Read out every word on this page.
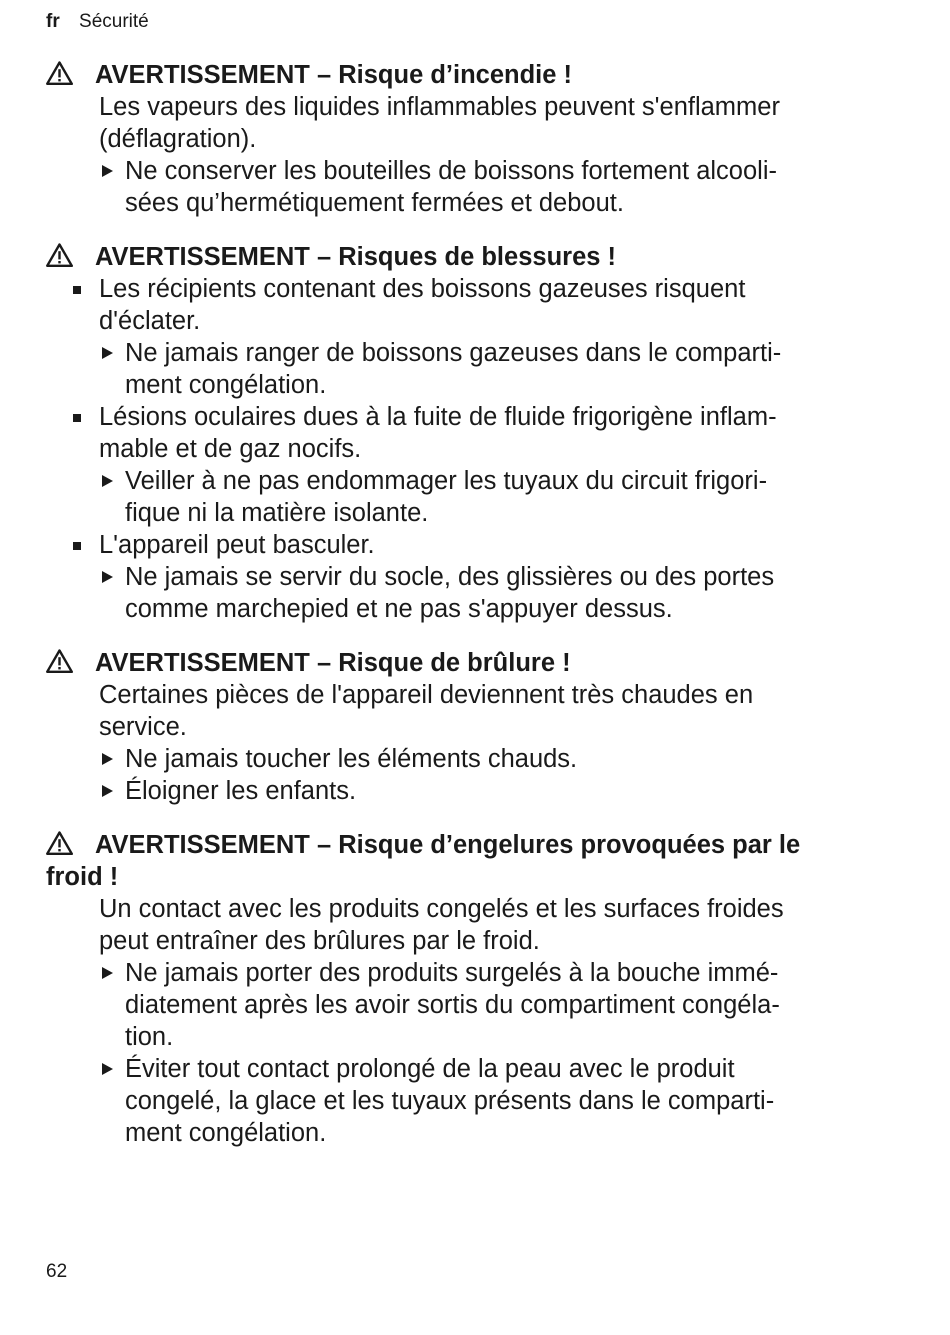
fr Sécurité
AVERTISSEMENT – Risque d’incendie !
Les vapeurs des liquides inflammables peuvent s'enflammer
(déflagration).
Ne conserver les bouteilles de boissons fortement alcooli-
sées qu’hermétiquement fermées et debout.
AVERTISSEMENT – Risques de blessures !
Les récipients contenant des boissons gazeuses risquent
d'éclater.
Ne jamais ranger de boissons gazeuses dans le comparti-
ment congélation.
Lésions oculaires dues à la fuite de fluide frigorigène inflam-
mable et de gaz nocifs.
Veiller à ne pas endommager les tuyaux du circuit frigori-
fique ni la matière isolante.
L'appareil peut basculer.
Ne jamais se servir du socle, des glissières ou des portes
comme marchepied et ne pas s'appuyer dessus.
AVERTISSEMENT – Risque de brûlure !
Certaines pièces de l'appareil deviennent très chaudes en
service.
Ne jamais toucher les éléments chauds.
Éloigner les enfants.
AVERTISSEMENT – Risque d’engelures provoquées par le
froid !
Un contact avec les produits congelés et les surfaces froides
peut entraîner des brûlures par le froid.
Ne jamais porter des produits surgelés à la bouche immé-
diatement après les avoir sortis du compartiment congéla-
tion.
Éviter tout contact prolongé de la peau avec le produit
congelé, la glace et les tuyaux présents dans le comparti-
ment congélation.
62
